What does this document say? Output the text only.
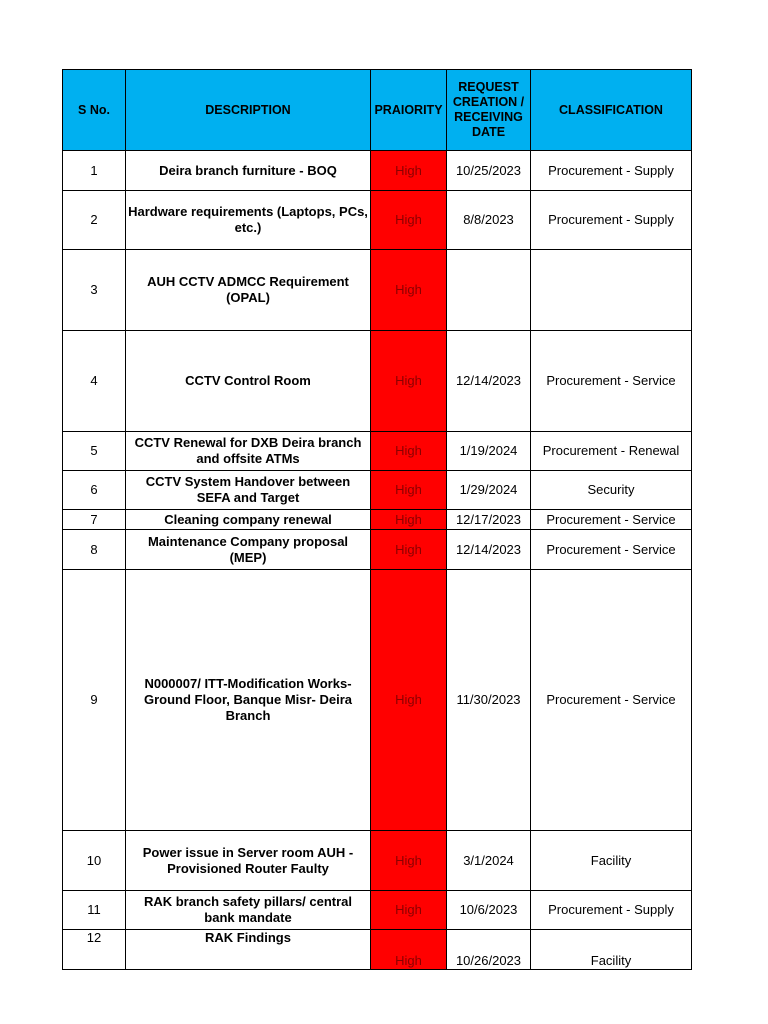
S No.	DESCRIPTION	PRAIORITY	REQUEST CREATION / RECEIVING DATE	CLASSIFICATION
1	Deira branch furniture - BOQ	High	10/25/2023	Procurement - Supply
2	Hardware requirements (Laptops, PCs, etc.)	High	8/8/2023	Procurement - Supply
3	AUH CCTV ADMCC Requirement (OPAL)	High		
4	CCTV Control Room	High	12/14/2023	Procurement - Service
5	CCTV Renewal for DXB Deira branch and offsite ATMs	High	1/19/2024	Procurement - Renewal
6	CCTV System Handover between SEFA and Target	High	1/29/2024	Security
7	Cleaning company renewal	High	12/17/2023	Procurement - Service
8	Maintenance Company proposal (MEP)	High	12/14/2023	Procurement - Service
9	N000007/ ITT-Modification Works-Ground Floor, Banque Misr- Deira Branch	High	11/30/2023	Procurement - Service
10	Power issue in Server room AUH - Provisioned Router Faulty	High	3/1/2024	Facility
11	RAK branch safety pillars/ central bank mandate	High	10/6/2023	Procurement - Supply
12	RAK Findings	High	10/26/2023	Facility
